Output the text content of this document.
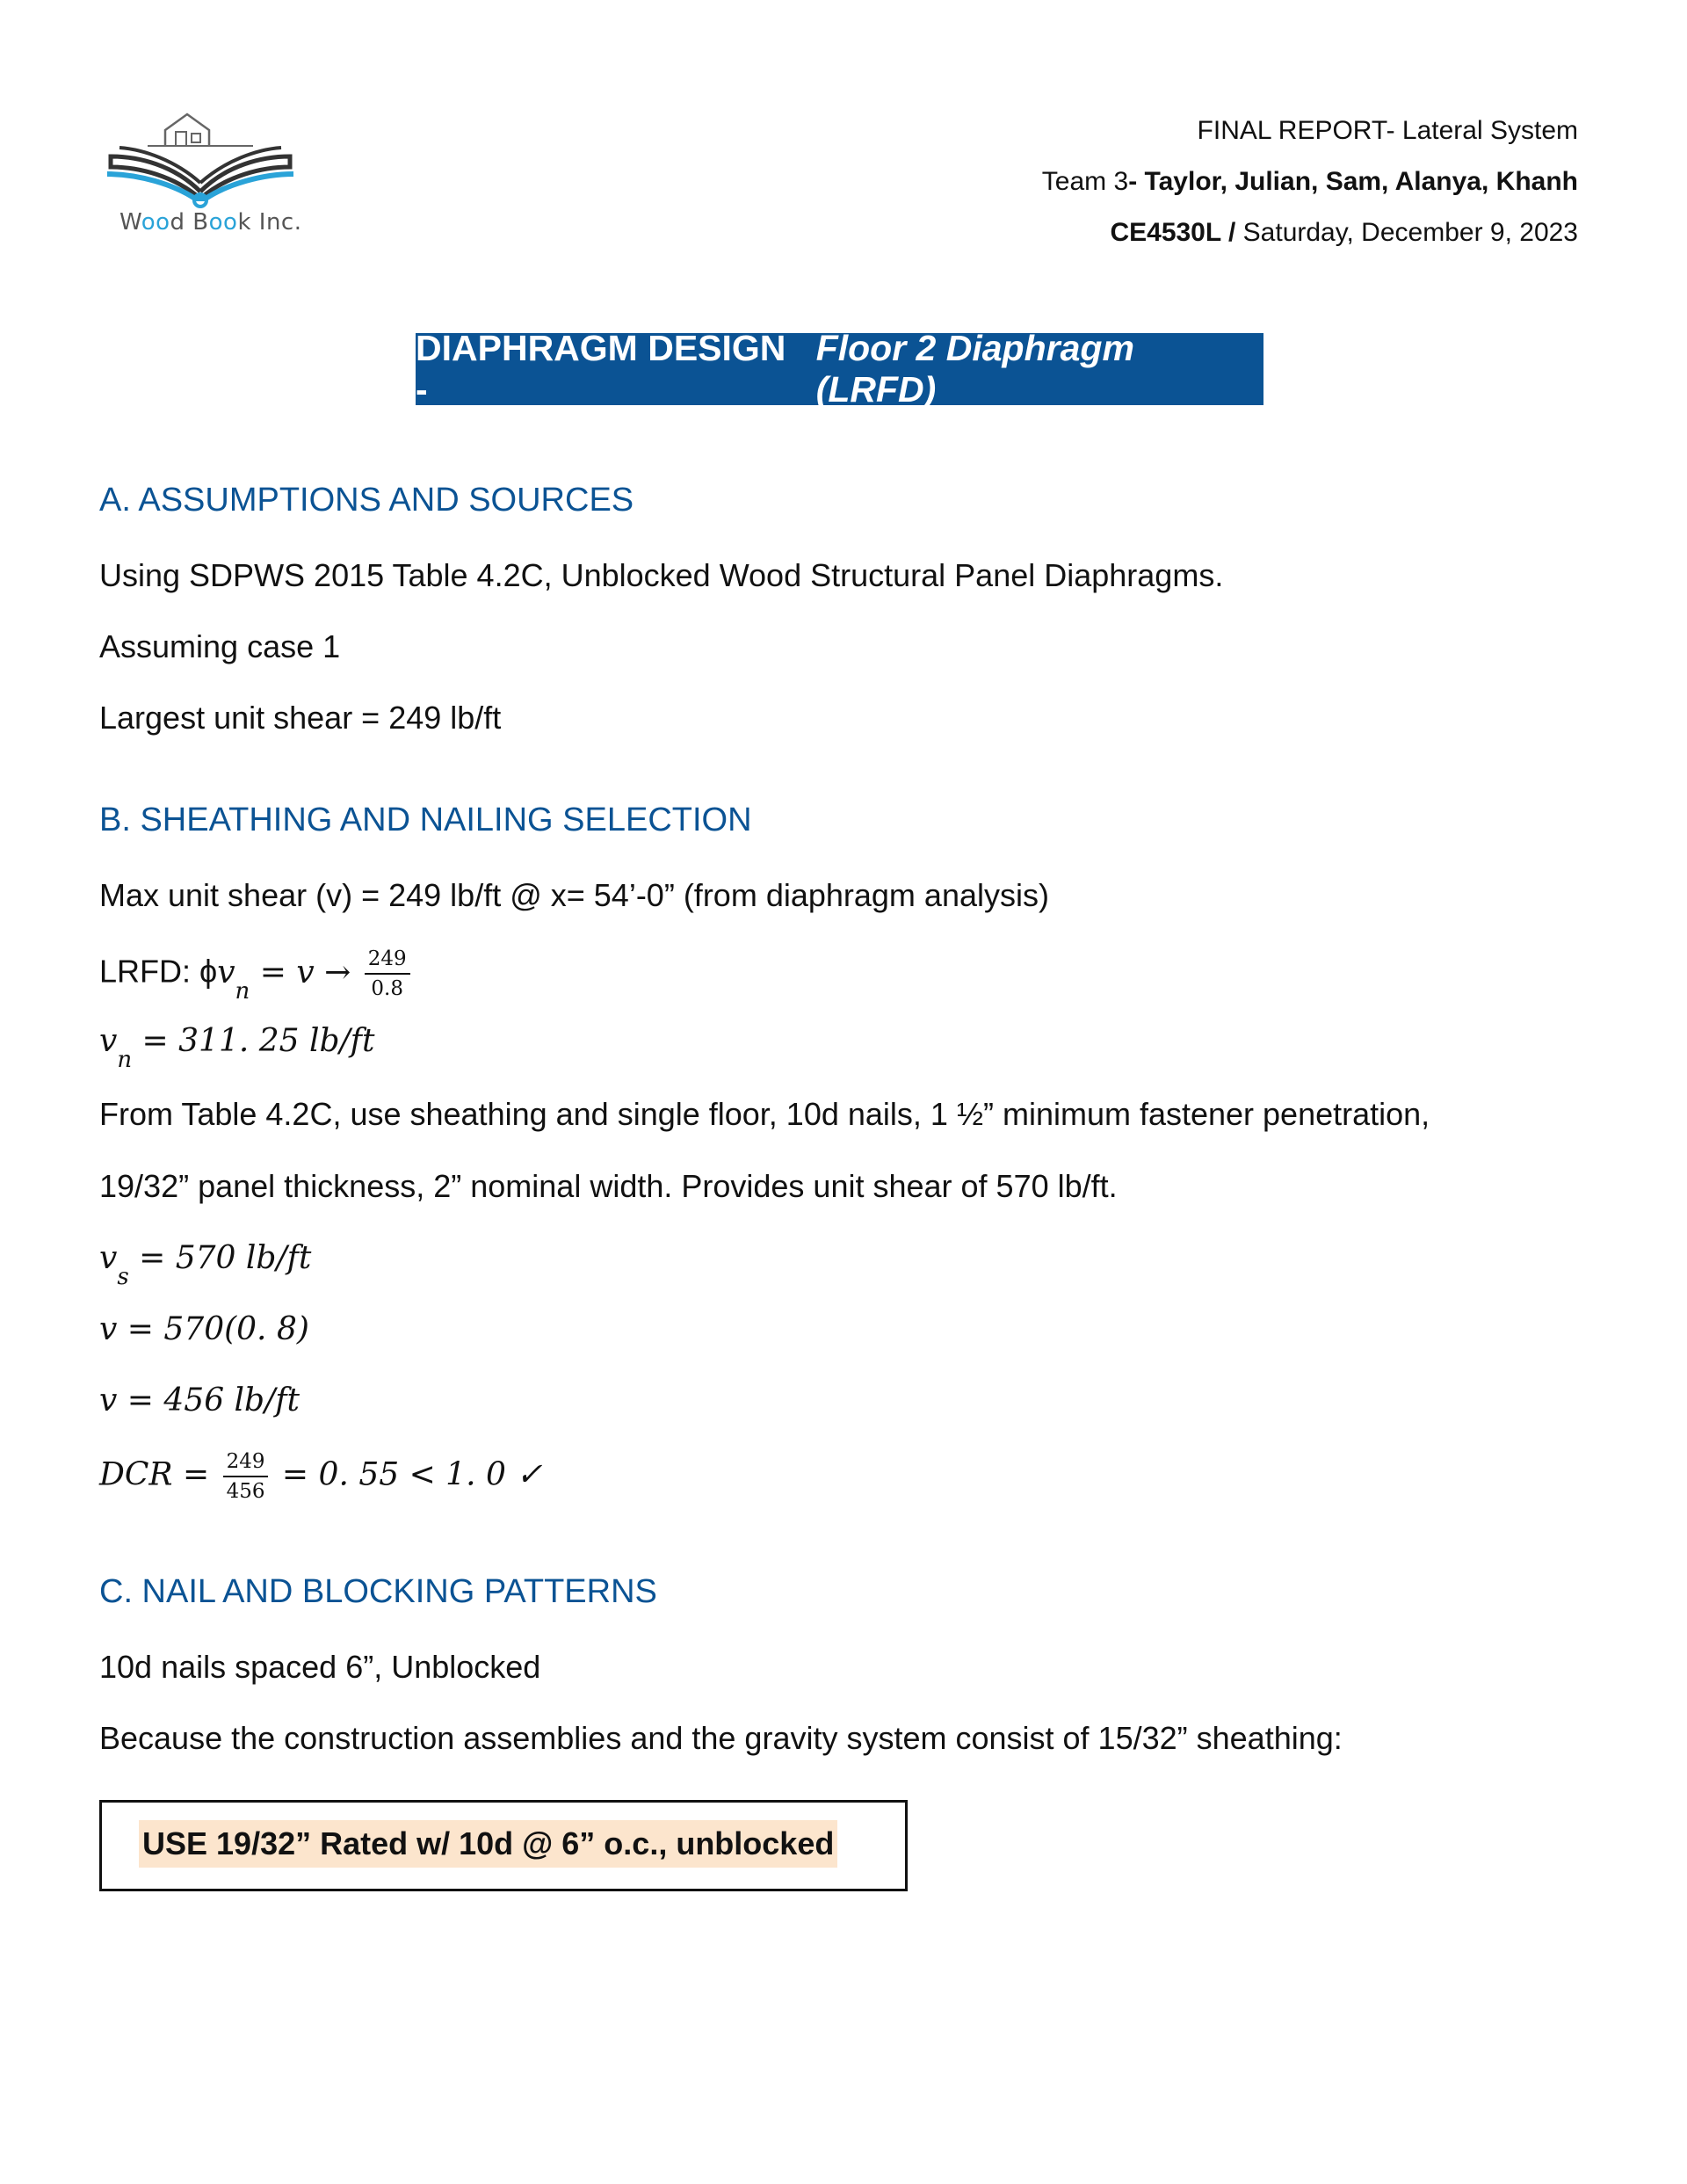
Wood Book Inc.
FINAL REPORT- Lateral System
Team 3- Taylor, Julian, Sam, Alanya, Khanh
CE4530L / Saturday, December 9, 2023
DIAPHRAGM DESIGN -
Floor 2 Diaphragm (LRFD)
A. ASSUMPTIONS AND SOURCES
Using SDPWS 2015 Table 4.2C, Unblocked Wood Structural Panel Diaphragms.
Assuming case 1
Largest unit shear = 249 lb/ft
B. SHEATHING AND NAILING SELECTION
Max unit shear (v) = 249 lb/ft @ x= 54’-0” (from diaphragm analysis)
LRFD: $\phi v_n = v \to \frac{249}{0.8}$
$v_n = 311$. 25 lb/ft
From Table 4.2C, use sheathing and single floor, 10d nails, 1 ½” minimum fastener penetration,
19/32” panel thickness, 2” nominal width. Provides unit shear of 570 lb/ft.
$v_s = 570$ lb/ft
v = 570(0. 8)
v = 456 lb/ft
DCR = $\frac{249}{456} = 0$. 55 < 1. 0 ✓
C. NAIL AND BLOCKING PATTERNS
10d nails spaced 6”, Unblocked
Because the construction assemblies and the gravity system consist of 15/32” sheathing:
USE 19/32” Rated w/ 10d @ 6” o.c., unblocked
